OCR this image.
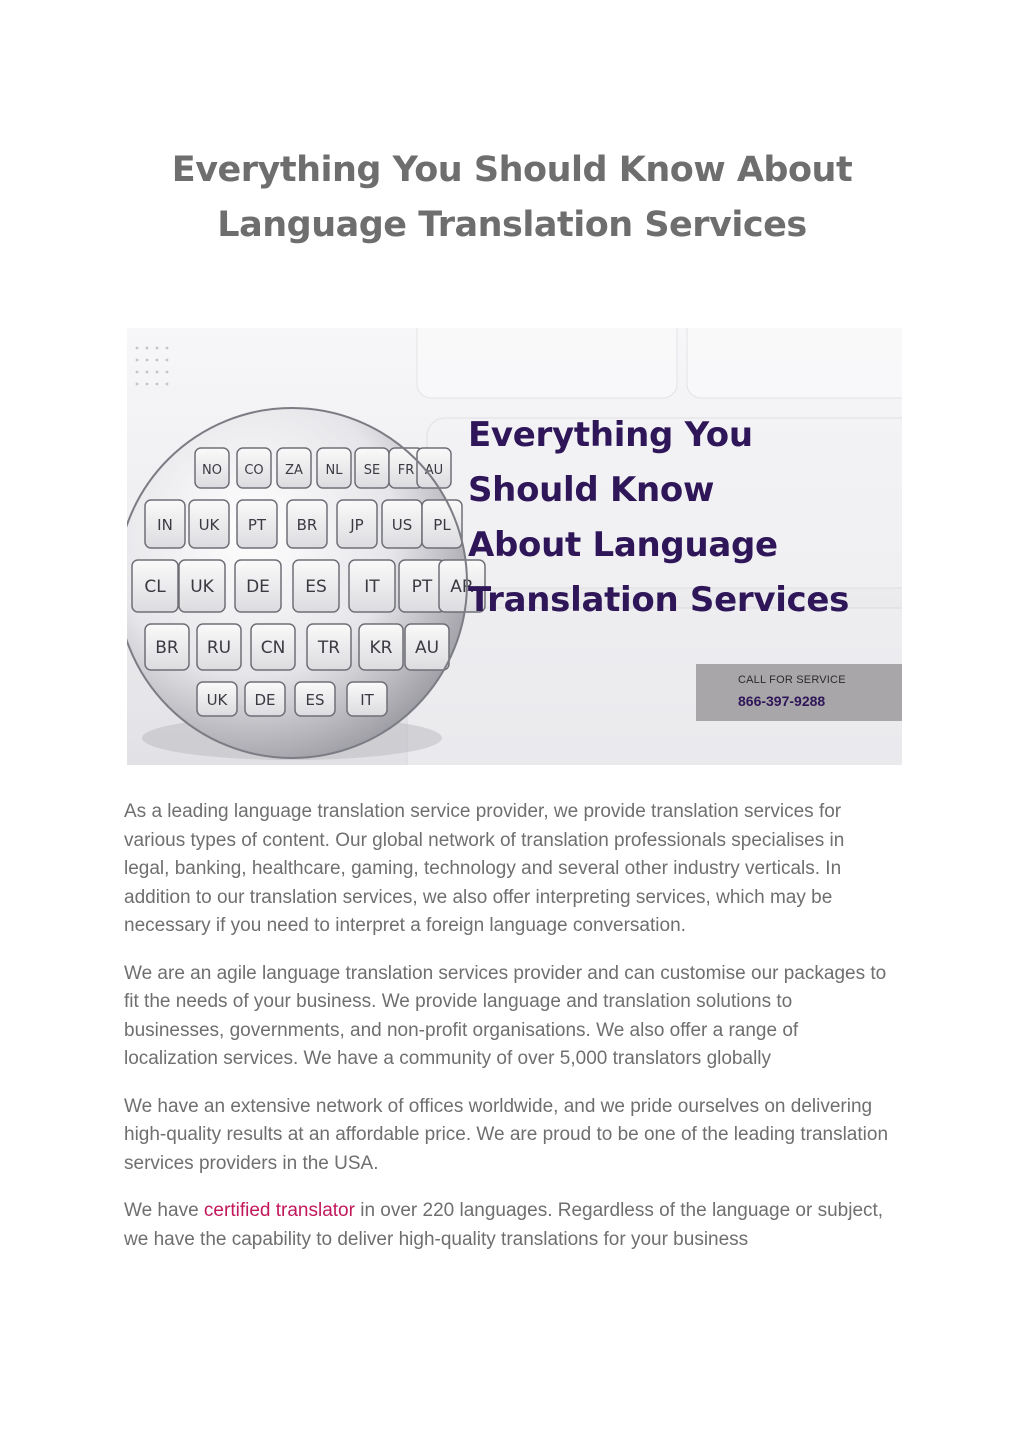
Everything You Should Know About
Language Translation Services
NO CO ZA NL SE FR AU
IN UK PT BR JP US PL
CL UK DE ES IT PT AR
BR RU CN TR KR AU
UK DE ES IT
Everything You
Should Know
About Language
Translation Services
CALL FOR SERVICE
866-397-9288

As a leading language translation service provider, we provide translation services for various types of content. Our global network of translation professionals specialises in legal, banking, healthcare, gaming, technology and several other industry verticals. In addition to our translation services, we also offer interpreting services, which may be necessary if you need to interpret a foreign language conversation.

We are an agile language translation services provider and can customise our packages to fit the needs of your business. We provide language and translation solutions to businesses, governments, and non-profit organisations. We also offer a range of localization services. We have a community of over 5,000 translators globally

We have an extensive network of offices worldwide, and we pride ourselves on delivering high-quality results at an affordable price. We are proud to be one of the leading translation services providers in the USA.

We have certified translator in over 220 languages. Regardless of the language or subject, we have the capability to deliver high-quality translations for your business
